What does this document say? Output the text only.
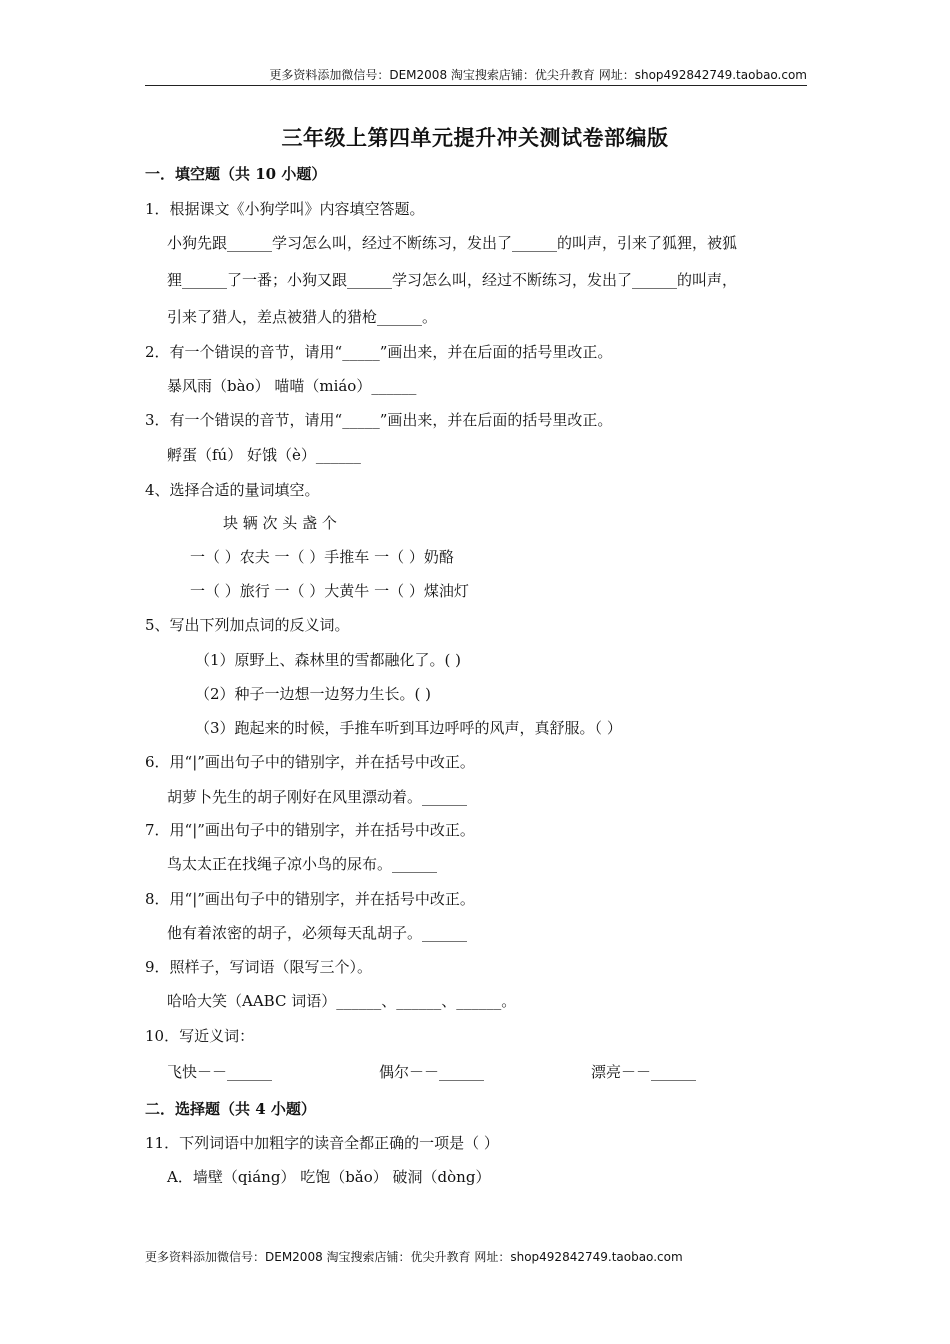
更多资料添加微信号：DEM2008 淘宝搜索店铺：优尖升教育 网址：shop492842749.taobao.com
三年级上第四单元提升冲关测试卷部编版
一．填空题（共 10 小题）
1．根据课文《小狗学叫》内容填空答题。
小狗先跟______学习怎么叫，经过不断练习，发出了______的叫声，引来了狐狸，被狐
狸______了一番；小狗又跟______学习怎么叫，经过不断练习，发出了______的叫声，
引来了猎人，差点被猎人的猎枪______。
2．有一个错误的音节，请用“_____”画出来，并在后面的括号里改正。
暴风雨（bào） 喵喵（miáo）______
3．有一个错误的音节，请用“_____”画出来，并在后面的括号里改正。
孵蛋（fú） 好饿（è）______
4、选择合适的量词填空。
块 辆 次 头 盏 个
一（ ）农夫 一（ ）手推车 一（ ）奶酪
一（ ）旅行 一（ ）大黄牛 一（ ）煤油灯
5、写出下列加点词的反义词。
（1）原野上、森林里的雪都融化了。( )
（2）种子一边想一边努力生长。( )
（3）跑起来的时候，手推车听到耳边呼呼的风声，真舒服。（ ）
6．用“|”画出句子中的错别字，并在括号中改正。
胡萝卜先生的胡子刚好在风里漂动着。______
7．用“|”画出句子中的错别字，并在括号中改正。
鸟太太正在找绳子凉小鸟的尿布。______
8．用“|”画出句子中的错别字，并在括号中改正。
他有着浓密的胡子，必须每天乱胡子。______
9．照样子，写词语（限写三个）。
哈哈大笑（AABC 词语）______、______、______。
10．写近义词：
飞快－－______	偶尔－－______	漂亮－－______
二．选择题（共 4 小题）
11．下列词语中加粗字的读音全都正确的一项是（ ）
A．墙壁（qiáng） 吃饱（bǎo） 破洞（dòng）
更多资料添加微信号：DEM2008 淘宝搜索店铺：优尖升教育 网址：shop492842749.taobao.com
